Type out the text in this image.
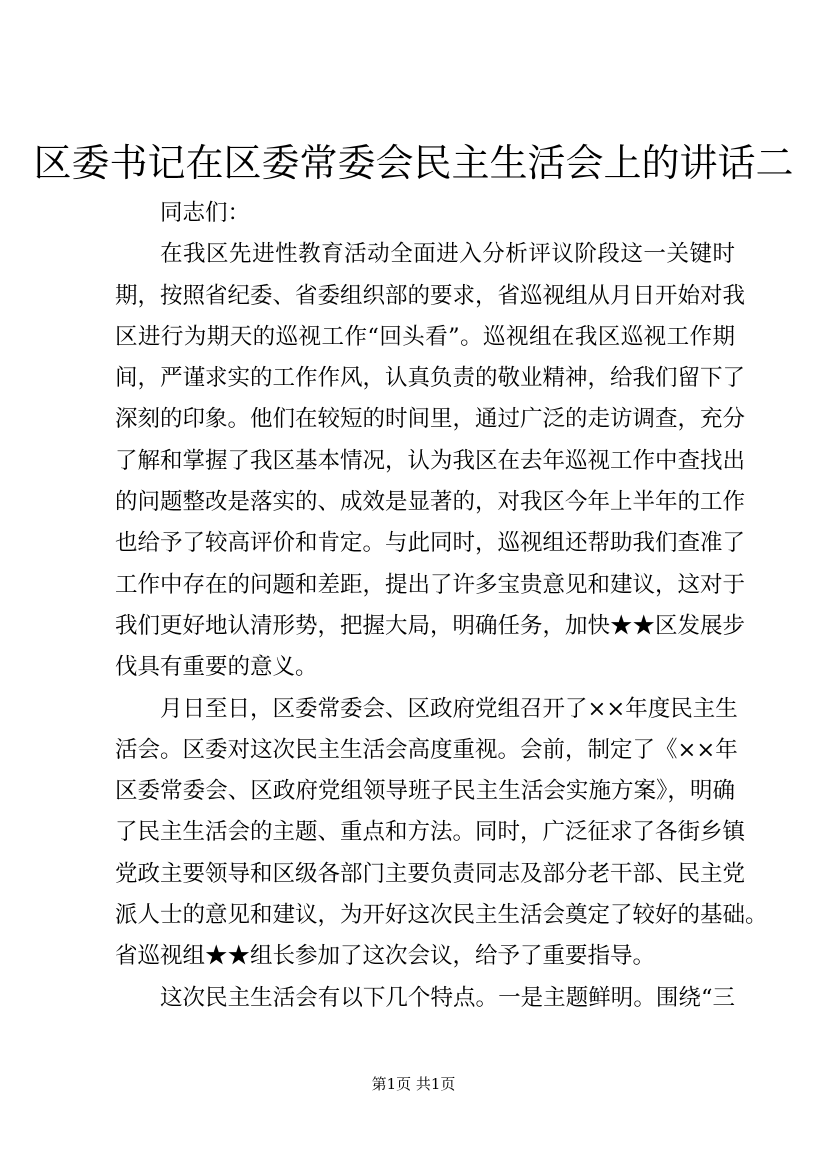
区委书记在区委常委会民主生活会上的讲话二
同志们：
在我区先进性教育活动全面进入分析评议阶段这一关键时
期，按照省纪委、省委组织部的要求，省巡视组从月日开始对我
区进行为期天的巡视工作“回头看”。巡视组在我区巡视工作期
间，严谨求实的工作作风，认真负责的敬业精神，给我们留下了
深刻的印象。他们在较短的时间里，通过广泛的走访调查，充分
了解和掌握了我区基本情况，认为我区在去年巡视工作中查找出
的问题整改是落实的、成效是显著的，对我区今年上半年的工作
也给予了较高评价和肯定。与此同时，巡视组还帮助我们查准了
工作中存在的问题和差距，提出了许多宝贵意见和建议，这对于
我们更好地认清形势，把握大局，明确任务，加快★★区发展步
伐具有重要的意义。
月日至日，区委常委会、区政府党组召开了××年度民主生
活会。区委对这次民主生活会高度重视。会前，制定了《××年
区委常委会、区政府党组领导班子民主生活会实施方案》，明确
了民主生活会的主题、重点和方法。同时，广泛征求了各街乡镇
党政主要领导和区级各部门主要负责同志及部分老干部、民主党
派人士的意见和建议，为开好这次民主生活会奠定了较好的基础。
省巡视组★★组长参加了这次会议，给予了重要指导。
这次民主生活会有以下几个特点。一是主题鲜明。围绕“三
第1页 共1页
